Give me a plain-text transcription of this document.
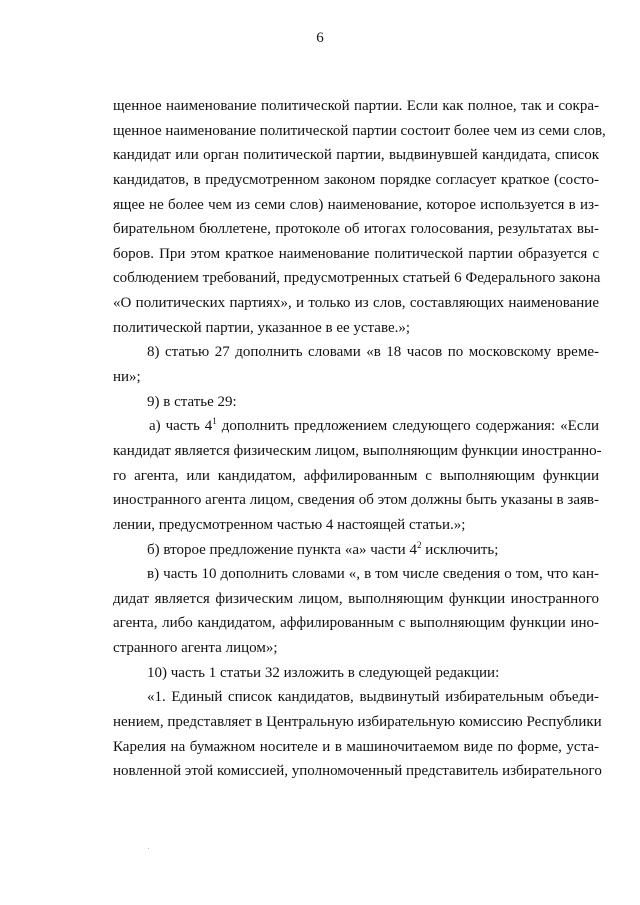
6
щенное наименование политической партии. Если как полное, так и сокра-
щенное наименование политической партии состоит более чем из семи слов,
кандидат или орган политической партии, выдвинувшей кандидата, список
кандидатов, в предусмотренном законом порядке согласует краткое (состо-
ящее не более чем из семи слов) наименование, которое используется в из-
бирательном бюллетене, протоколе об итогах голосования, результатах вы-
боров. При этом краткое наименование политической партии образуется с
соблюдением требований, предусмотренных статьей 6 Федерального закона
«О политических партиях», и только из слов, составляющих наименование
политической партии, указанное в ее уставе.»;
8) статью 27 дополнить словами «в 18 часов по московскому време-
ни»;
9) в статье 29:
а) часть $4^1$ дополнить предложением следующего содержания: «Если
кандидат является физическим лицом, выполняющим функции иностранно-
го агента, или кандидатом, аффилированным с выполняющим функции
иностранного агента лицом, сведения об этом должны быть указаны в заяв-
лении, предусмотренном частью 4 настоящей статьи.»;
б) второе предложение пункта «а» части $4^2$ исключить;
в) часть 10 дополнить словами «, в том числе сведения о том, что кан-
дидат является физическим лицом, выполняющим функции иностранного
агента, либо кандидатом, аффилированным с выполняющим функции ино-
странного агента лицом»;
10) часть 1 статьи 32 изложить в следующей редакции:
«1. Единый список кандидатов, выдвинутый избирательным объеди-
нением, представляет в Центральную избирательную комиссию Республики
Карелия на бумажном носителе и в машиночитаемом виде по форме, уста-
новленной этой комиссией, уполномоченный представитель избирательного
